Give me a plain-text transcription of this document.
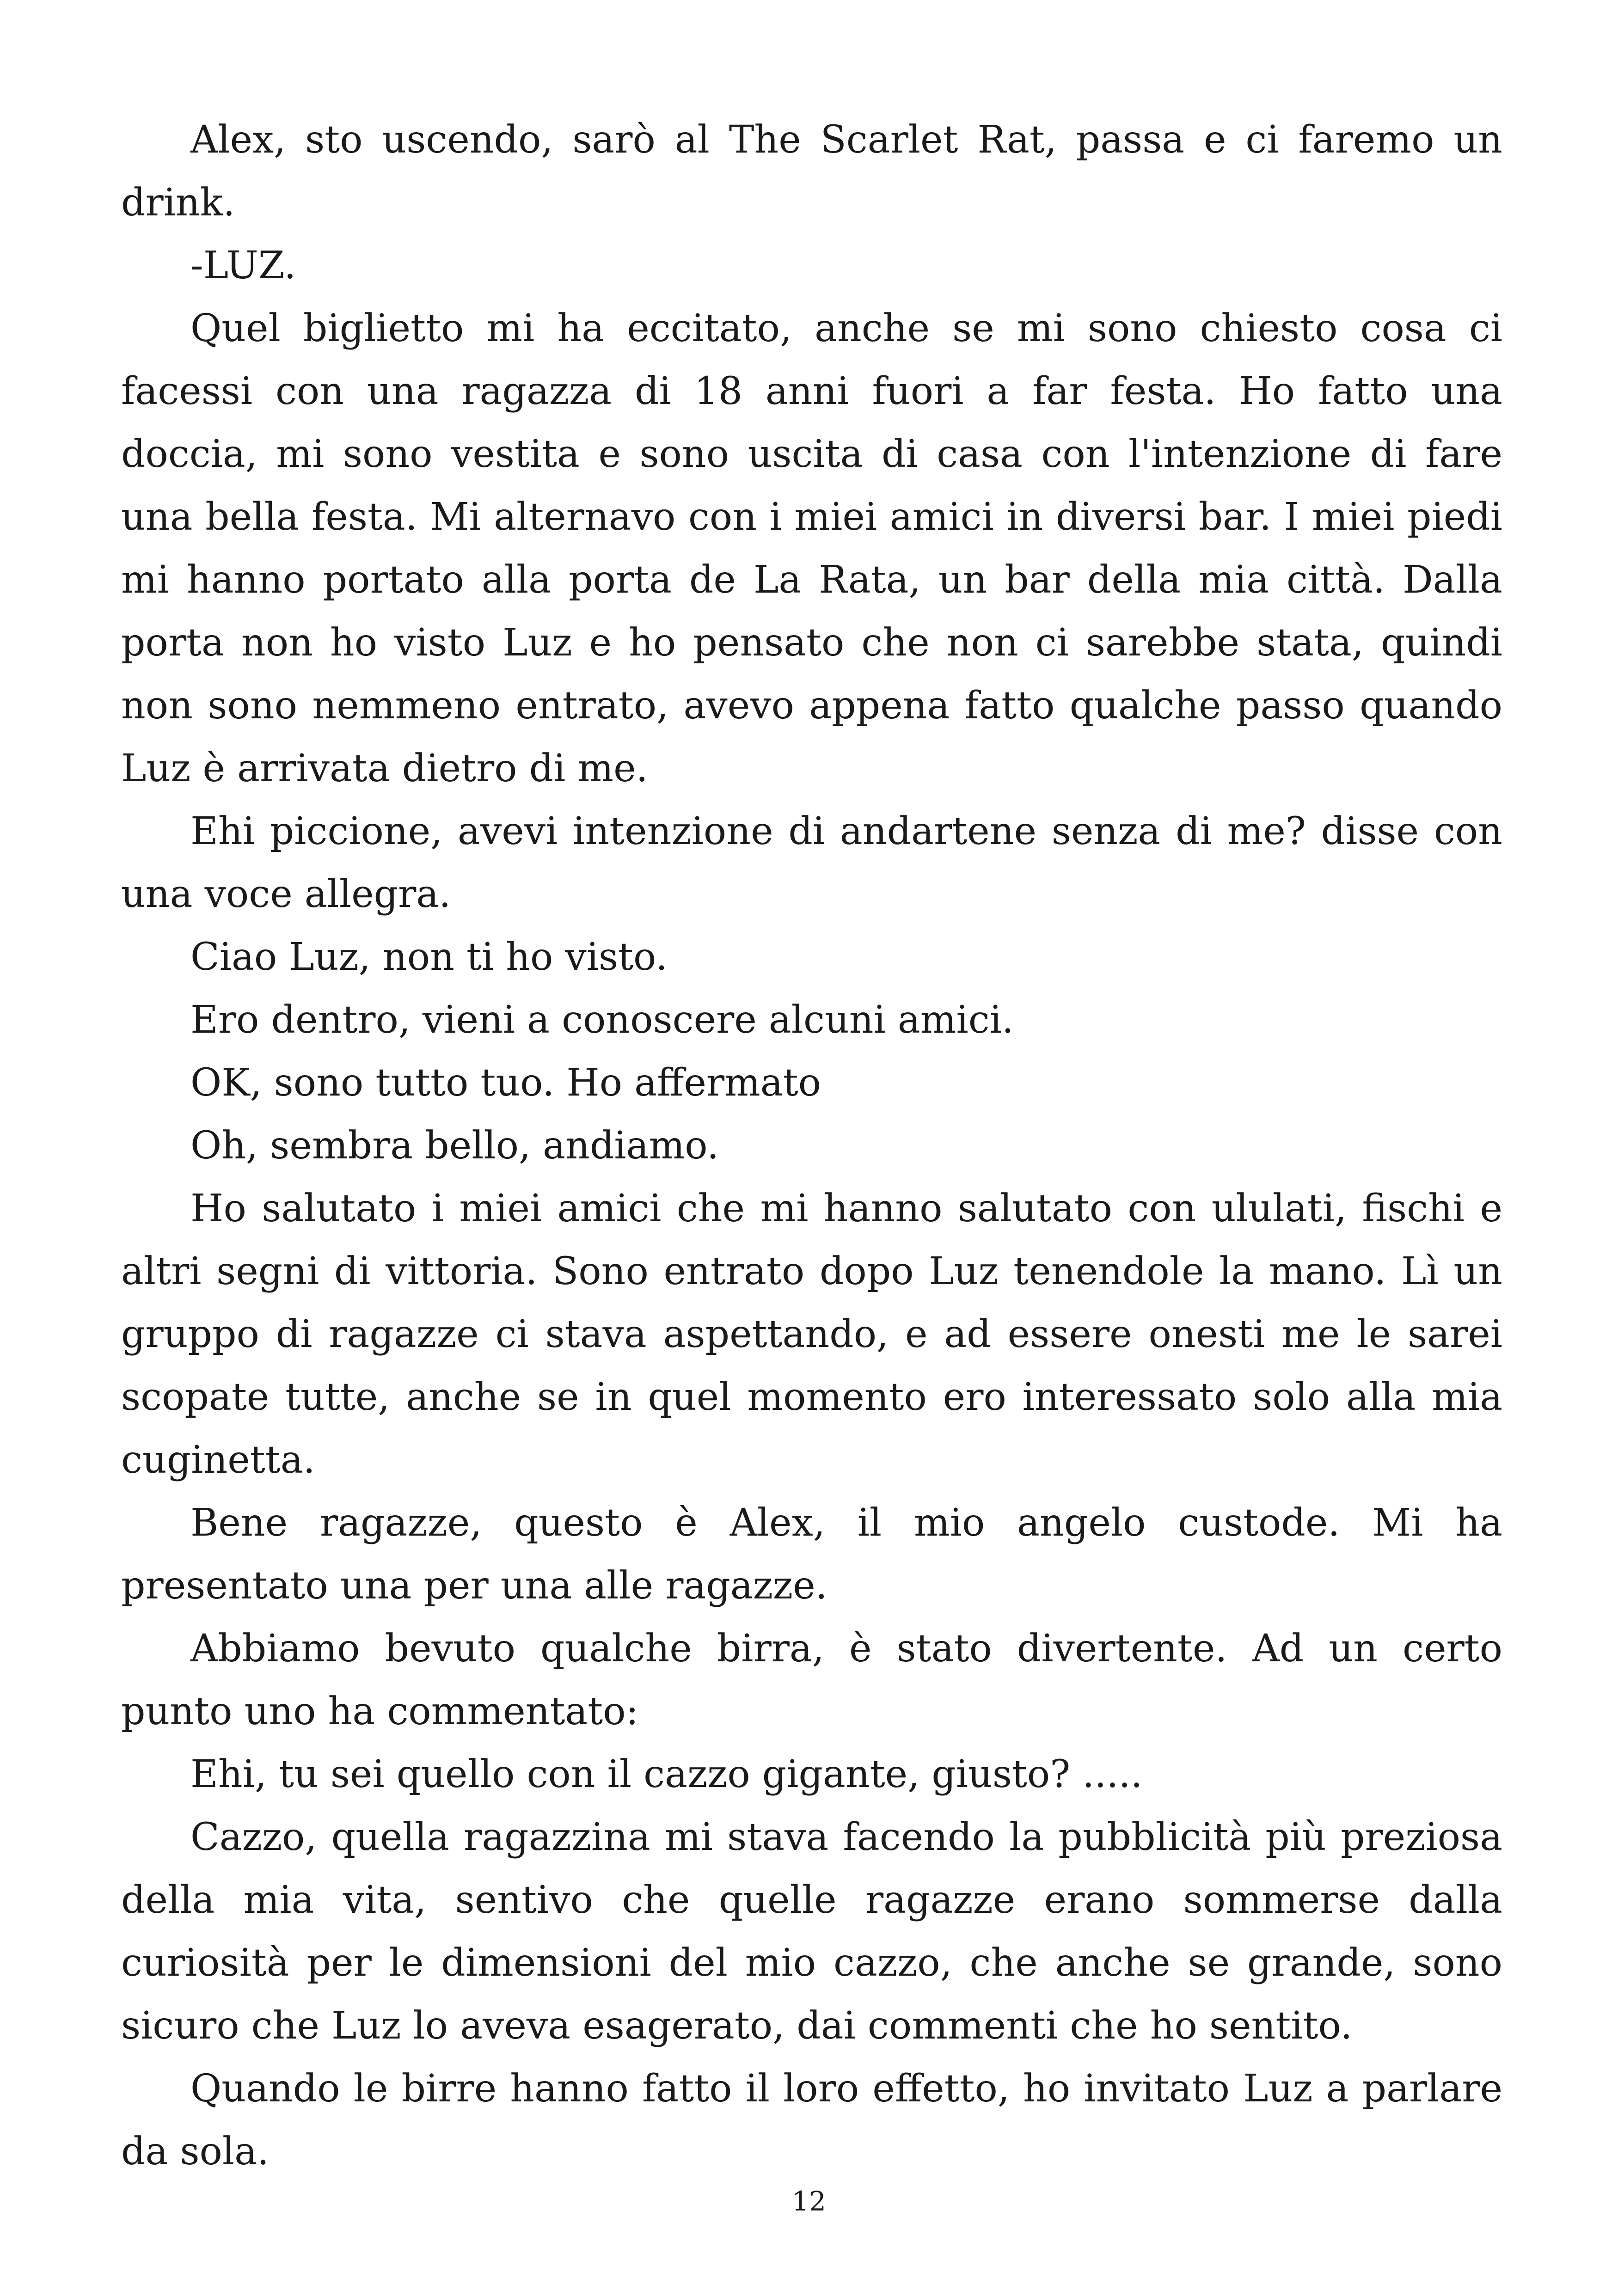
Alex, sto uscendo, sarò al The Scarlet Rat, passa e ci faremo un drink.

-LUZ.

Quel biglietto mi ha eccitato, anche se mi sono chiesto cosa ci facessi con una ragazza di 18 anni fuori a far festa. Ho fatto una doccia, mi sono vestita e sono uscita di casa con l'intenzione di fare una bella festa. Mi alternavo con i miei amici in diversi bar. I miei piedi mi hanno portato alla porta de La Rata, un bar della mia città. Dalla porta non ho visto Luz e ho pensato che non ci sarebbe stata, quindi non sono nemmeno entrato, avevo appena fatto qualche passo quando Luz è arrivata dietro di me.

Ehi piccione, avevi intenzione di andartene senza di me? disse con una voce allegra.

Ciao Luz, non ti ho visto.

Ero dentro, vieni a conoscere alcuni amici.

OK, sono tutto tuo. Ho affermato

Oh, sembra bello, andiamo.

Ho salutato i miei amici che mi hanno salutato con ululati, fischi e altri segni di vittoria. Sono entrato dopo Luz tenendole la mano. Lì un gruppo di ragazze ci stava aspettando, e ad essere onesti me le sarei scopate tutte, anche se in quel momento ero interessato solo alla mia cuginetta.

Bene ragazze, questo è Alex, il mio angelo custode. Mi ha presentato una per una alle ragazze.

Abbiamo bevuto qualche birra, è stato divertente. Ad un certo punto uno ha commentato:

Ehi, tu sei quello con il cazzo gigante, giusto? .....

Cazzo, quella ragazzina mi stava facendo la pubblicità più preziosa della mia vita, sentivo che quelle ragazze erano sommerse dalla curiosità per le dimensioni del mio cazzo, che anche se grande, sono sicuro che Luz lo aveva esagerato, dai commenti che ho sentito.

Quando le birre hanno fatto il loro effetto, ho invitato Luz a parlare da sola.

12
